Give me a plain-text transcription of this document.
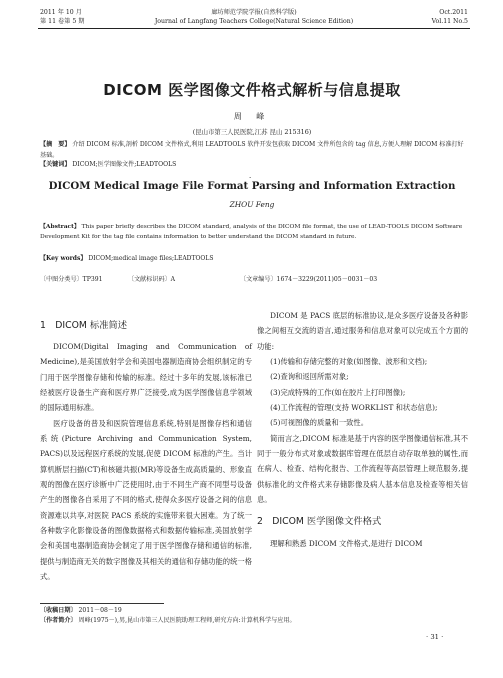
2011 年 10 月
第 11 卷第 5 期
廊坊师范学院学报(自然科学版)
Journal of Langfang Teachers College(Natural Science Edition)
Oct.2011
Vol.11 No.5
DICOM 医学图像文件格式解析与信息提取
周 峰
(昆山市第三人民医院,江苏 昆山 215316)
【摘　要】 介绍 DICOM 标准,剖析 DICOM 文件格式,利用 LEADTOOLS 软件开发包获取 DICOM 文件所包含的 tag 信息,方便人理解 DICOM 标准打好基础。
【关键词】 DICOM;医学图像文件;LEADTOOLS
·
DICOM Medical Image File Format Parsing and Information Extraction
ZHOU Feng
【Abstract】 This paper briefly describes the DICOM standard, analysis of the DICOM file format, the use of LEAD-TOOLS DICOM Software Development Kit for the tag file contains information to better understand the DICOM standard in future.
【Key words】 DICOM;medical image files;LEADTOOLS
〔中图分类号〕TP391	〔文献标识码〕A	〔文章编号〕1674－3229(2011)05－0031－03
1　DICOM 标准简述

DICOM(Digital Imaging and Communication of Medicine),是美国放射学会和美国电器制造商协会组织制定的专门用于医学图像存储和传输的标准。经过十多年的发展,该标准已经被医疗设备生产商和医疗界广泛接受,成为医学图像信息学领域的国际通用标准。

医疗设备的普及和医院管理信息系统,特别是图像存档和通信系统(Picture Archiving and Communication System, PACS)以及远程医疗系统的发展,促使 DICOM 标准的产生。当计算机断层扫描(CT)和核磁共振(MR)等设备生成高质量的、形象直观的图像在医疗诊断中广泛使用时,由于不同生产商不同型号设备产生的图像各自采用了不同的格式,使得众多医疗设备之间的信息资源难以共享,对医院 PACS 系统的实施带来很大困难。为了统一各种数字化影像设备的图像数据格式和数据传输标准,美国放射学会和美国电器制造商协会制定了用于医学图像存储和通信的标准,提供与制造商无关的数字图像及其相关的通信和存储功能的统一格式。

DICOM 是 PACS 底层的标准协议,是众多医疗设备及各种影像之间相互交流的语言,通过服务和信息对象可以完成五个方面的功能:

(1)传输和存储完整的对象(如图像、波形和文档);

(2)查询和返回所需对象;

(3)完成特殊的工作(如在胶片上打印图像);

(4)工作流程的管理(支持 WORKLIST 和状态信息);

(5)可视图像的质量和一致性。

简而言之,DICOM 标准是基于内容的医学图像通信标准,其不同于一般分布式对象或数据库管理在低层自动存取单独的属性,而在病人、检查、结构化报告、工作流程等高层管理上规范服务,提供标准化的文件格式来存储影像及病人基本信息及检查等相关信息。

2　DICOM 医学图像文件格式

理解和熟悉 DICOM 文件格式,是进行 DICOM

〔收稿日期〕 2011－08－19
〔作者简介〕 周峰(1975－),男,昆山市第三人民医院助理工程师,研究方向:计算机科学与应用。
· 31 ·
